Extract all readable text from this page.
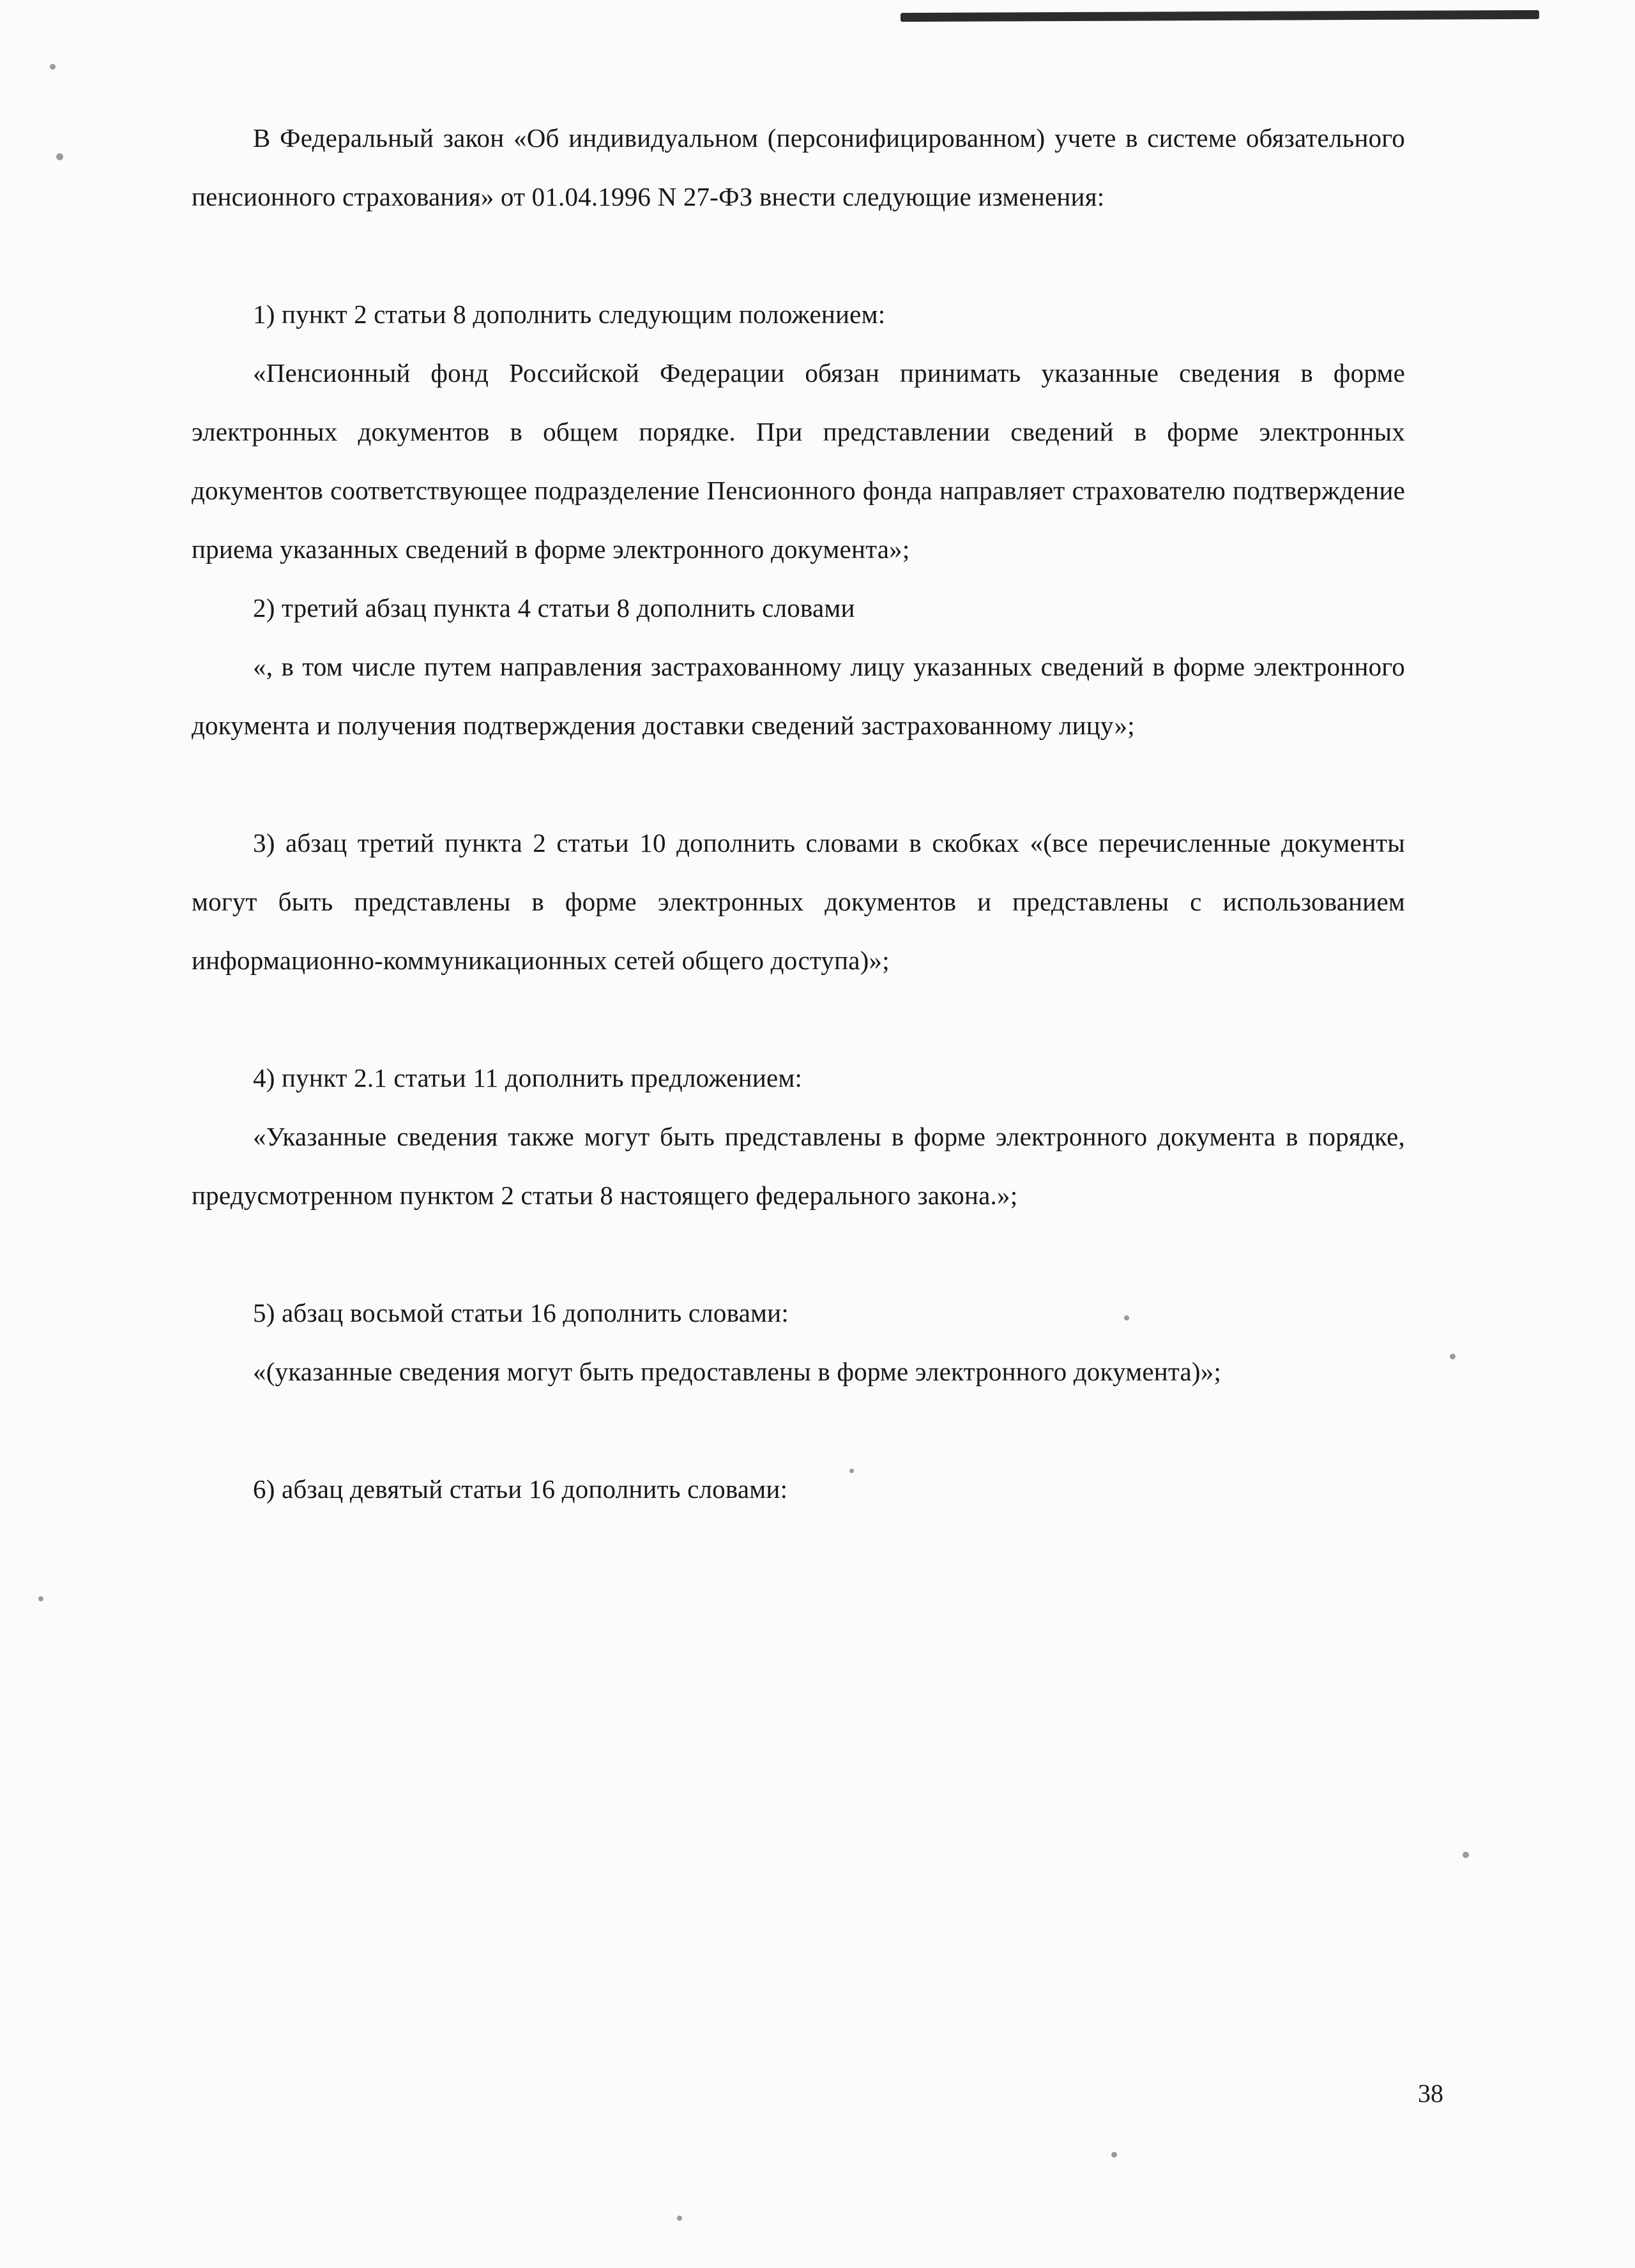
В Федеральный закон «Об индивидуальном (персонифицированном) учете в системе обязательного пенсионного страхования» от 01.04.1996 N 27-ФЗ внести следующие изменения:

1) пункт 2 статьи 8 дополнить следующим положением:

«Пенсионный фонд Российской Федерации обязан принимать указанные сведения в форме электронных документов в общем порядке. При представлении сведений в форме электронных документов соответствующее подразделение Пенсионного фонда направляет страхователю подтверждение приема указанных сведений в форме электронного документа»;

2) третий абзац пункта 4 статьи 8 дополнить словами

«, в том числе путем направления застрахованному лицу указанных сведений в форме электронного документа и получения подтверждения доставки сведений застрахованному лицу»;

3) абзац третий пункта 2 статьи 10 дополнить словами в скобках «(все перечисленные документы могут быть представлены в форме электронных документов и представлены с использованием информационно-коммуникационных сетей общего доступа)»;

4) пункт 2.1 статьи 11 дополнить предложением:

«Указанные сведения также могут быть представлены в форме электронного документа в порядке, предусмотренном пунктом 2 статьи 8 настоящего федерального закона.»;

5) абзац восьмой статьи 16 дополнить словами:

«(указанные сведения могут быть предоставлены в форме электронного документа)»;

6) абзац девятый статьи 16 дополнить словами:

38
